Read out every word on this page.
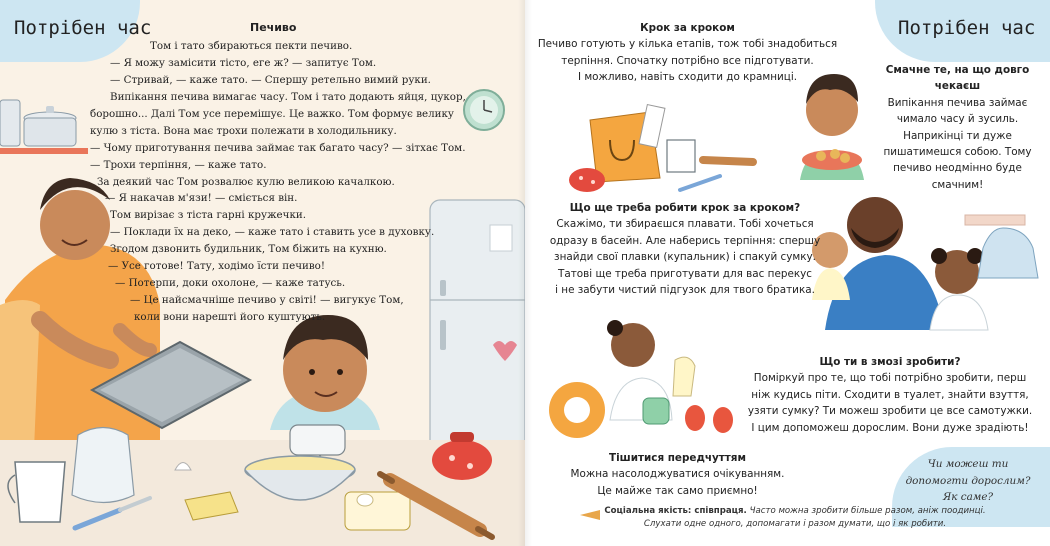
Потрібен час	Печиво
Том і тато збираються пекти печиво.
— Я можу замісити тісто, еге ж? — запитує Том.
— Стривай, — каже тато. — Спершу ретельно вимий руки.
Випікання печива вимагає часу. Том і тато додають яйця, цукор,
борошно... Далі Том усе перемішує. Це важко. Том формує велику
кулю з тіста. Вона має трохи полежати в холодильнику.
— Чому приготування печива займає так багато часу? — зітхає Том.
— Трохи терпіння, — каже тато.
За деякий час Том розвалює кулю великою качалкою.
— Я накачав м'язи! — сміється він.
Том вирізає з тіста гарні кружечки.
— Поклади їх на деко, — каже тато і ставить усе в духовку.
Згодом дзвонить будильник, Том біжить на кухню.
— Усе готове! Тату, ходімо їсти печиво!
— Потерпи, доки охолоне, — каже татусь.
— Це найсмачніше печиво у світі! — вигукує Том,
коли вони нарешті його куштують.
Потрібен час
Крок за кроком
Печиво готують у кілька етапів, тож тобі знадобиться
терпіння. Спочатку потрібно все підготувати.
І можливо, навіть сходити до крамниці.
Смачне те, на що довго
чекаєш
Випікання печива займає
чимало часу й зусиль.
Наприкінці ти дуже
пишатимешся собою. Тому
печиво неодмінно буде
смачним!
Що ще треба робити крок за кроком?
Скажімо, ти збираєшся плавати. Тобі хочеться
одразу в басейн. Але наберись терпіння: спершу
знайди свої плавки (купальник) і спакуй сумку.
Татові ще треба приготувати для вас перекус
і не забути чистий підгузок для твого братика.
Що ти в змозі зробити?
Поміркуй про те, що тобі потрібно зробити, перш
ніж кудись піти. Сходити в туалет, знайти взуття,
узяти сумку? Ти можеш зробити це все самотужки.
І цим допоможеш дорослим. Вони дуже зрадіють!
Тішитися передчуттям
Можна насолоджуватися очікуванням.
Це майже так само приємно!
Чи можеш ти
допомогти дорослим?
Як саме?
Соціальна якість: співпраця. Часто можна зробити більше разом, аніж поодинці.
Слухати одне одного, допомагати і разом думати, що і як робити.
